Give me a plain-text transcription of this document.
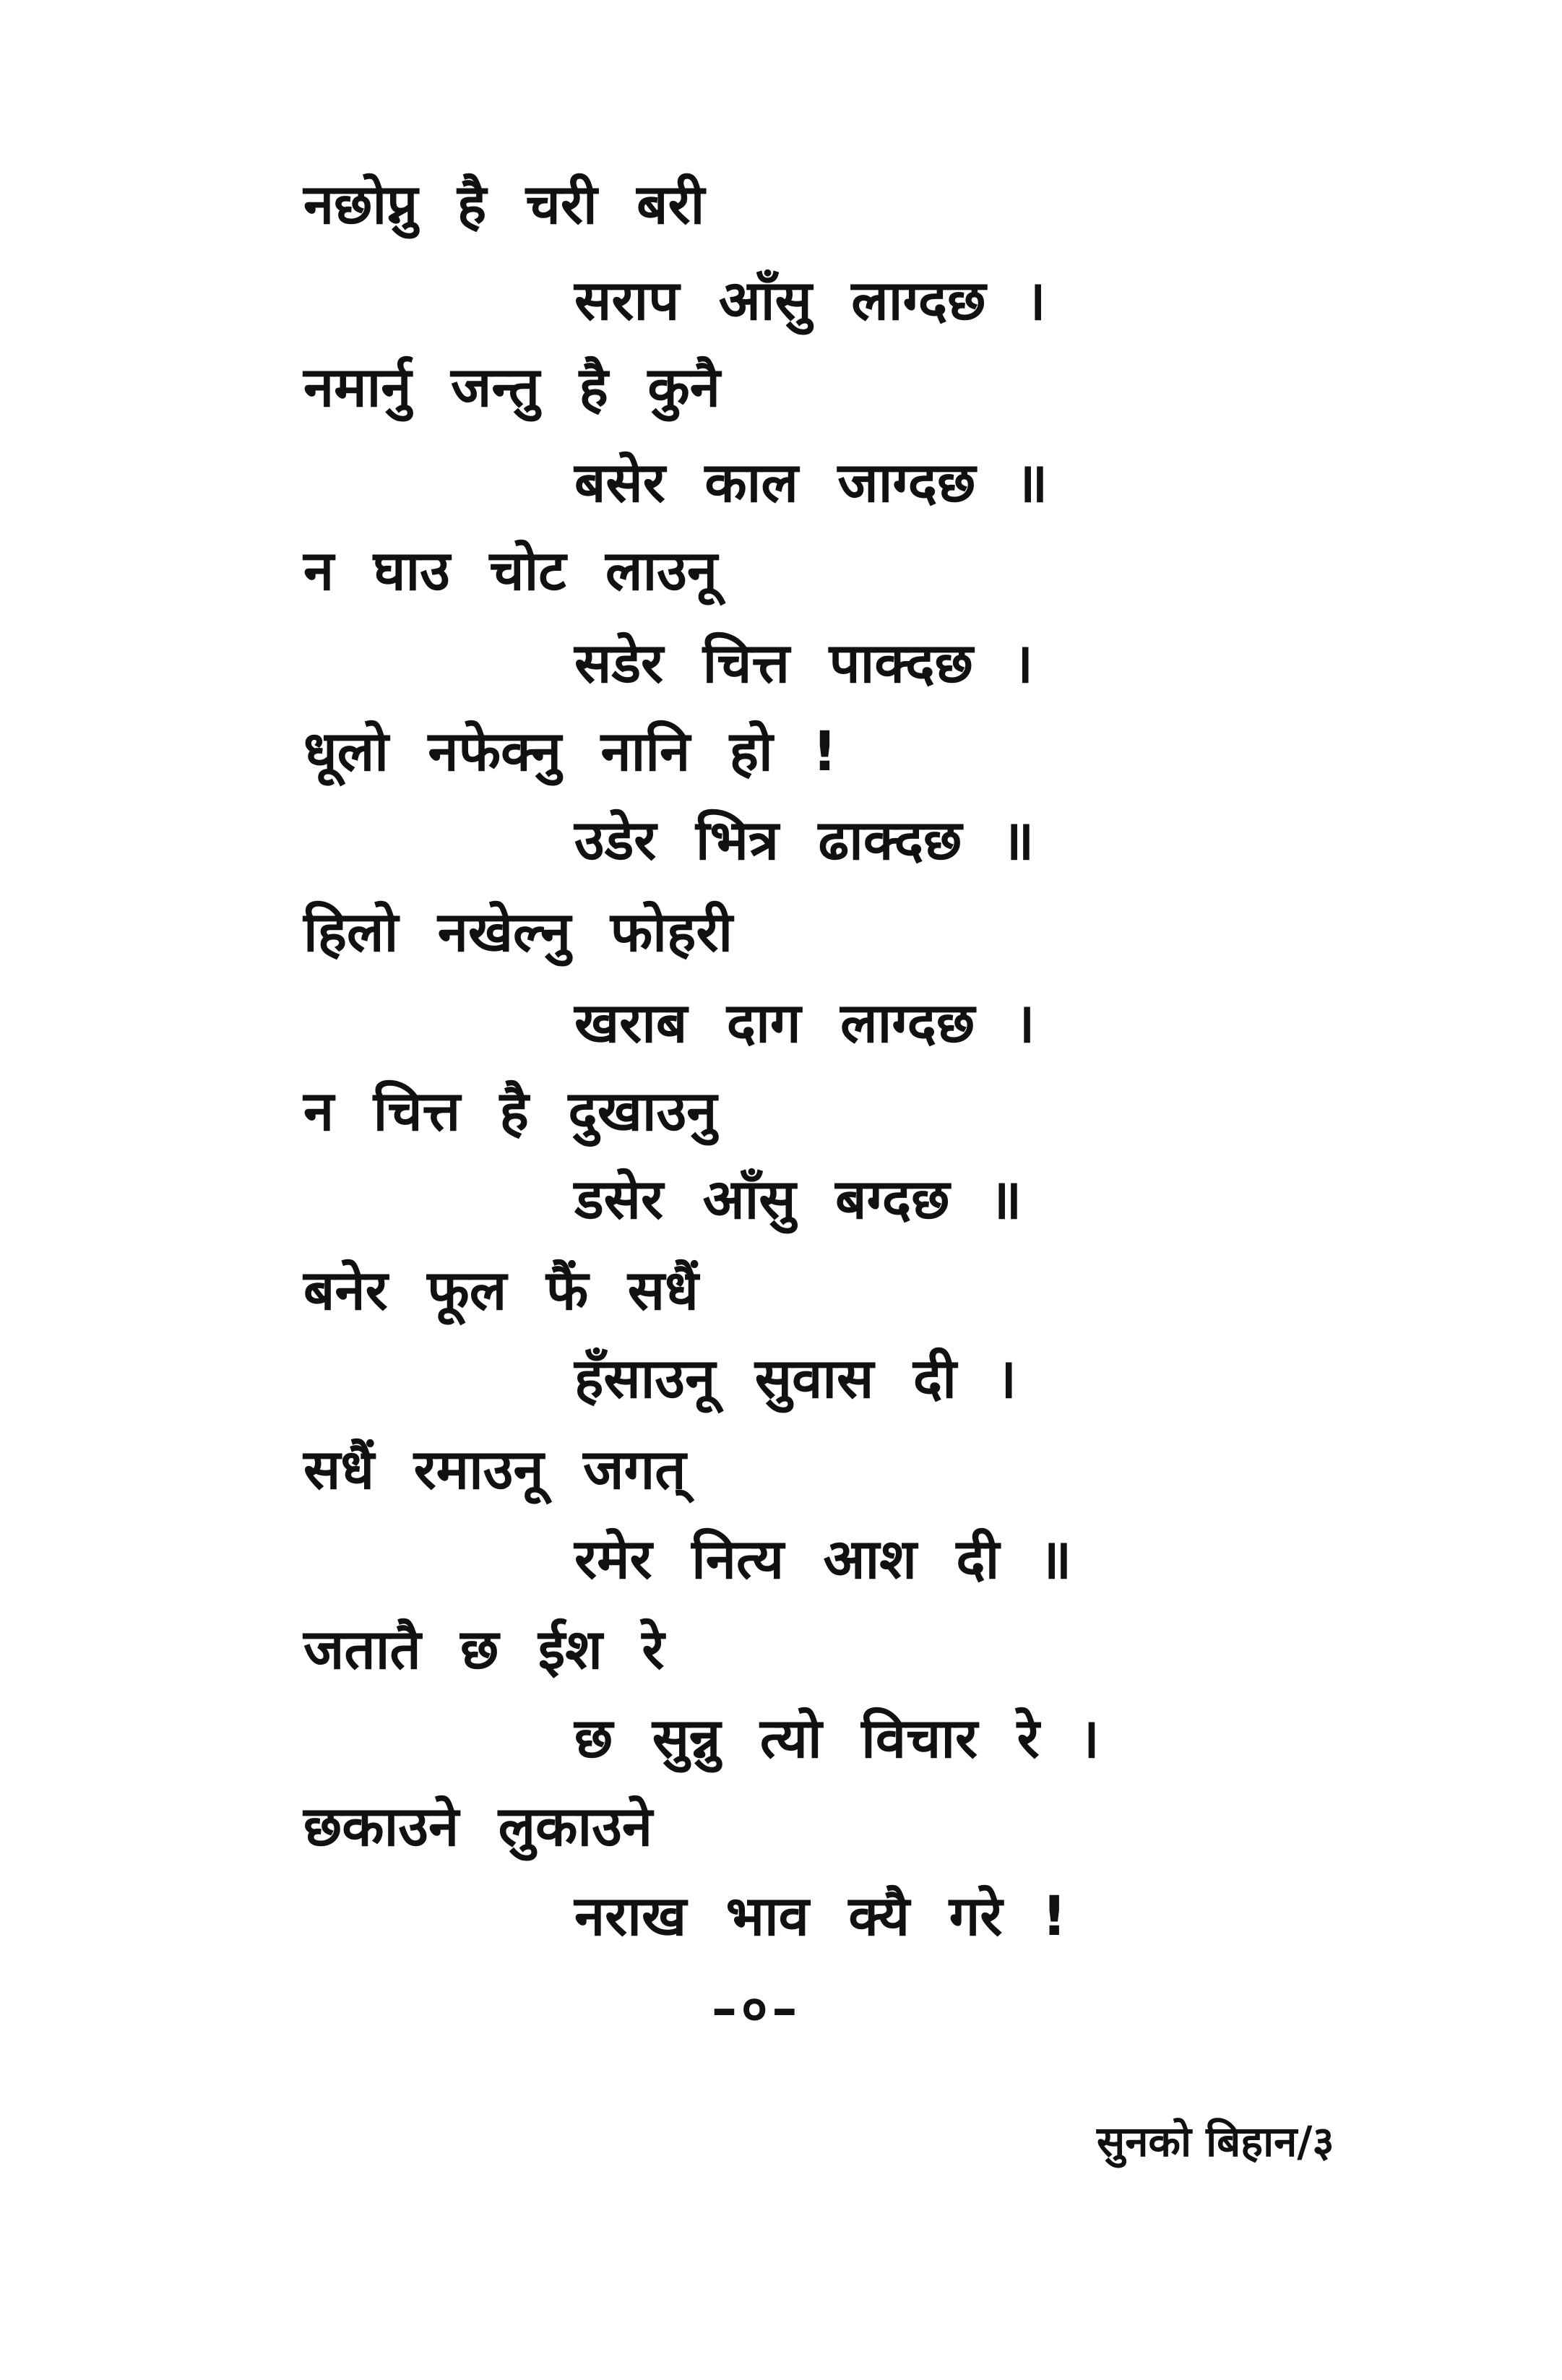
नछोप्नु है चरी बरी
सराप आँसु लाग्दछ ।
नमार्नु जन्तु है कुनै
बसेर काल जाग्दछ ॥
न घाउ चोट लाउनू
सडेर चित्त पाक्दछ ।
धूलो नफेक्नु नानि हो !
उडेर भित्र ढाक्दछ ॥
हिलो नखेल्नु फोहरी
खराब दाग लाग्दछ ।
न चित्त है दुखाउनु
डसेर आँसु बग्दछ ॥
बनेर फूल फैं सधैं
हँसाउनू सुवास दी ।
सधैं रमाउनू जगत्
रमेर नित्य आश दी ॥
जतातै छ ईश रे
छ सुन्नु त्यो विचार रे ।
छकाउने लुकाउने
नराख भाव क्यै गरे !
–०–
सुनको बिहान/३
